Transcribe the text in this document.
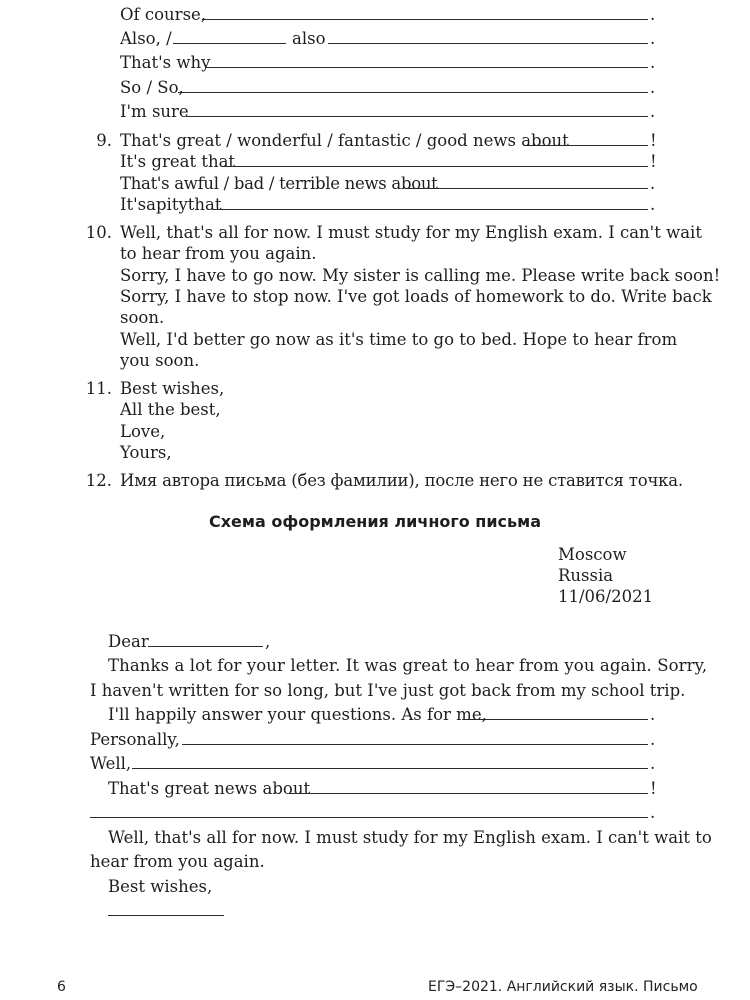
Of course,	.
Also, /	also	.
That's why	.
So / So,	.
I'm sure	.
9. That's great / wonderful / fantastic / good news about	!
It's great that	!
That's awful / bad / terrible news about	.
It'sapitythat	.
10. Well, that's all for now. I must study for my English exam. I can't wait
to hear from you again.
Sorry, I have to go now. My sister is calling me. Please write back soon!
Sorry, I have to stop now. I've got loads of homework to do. Write back
soon.
Well, I'd better go now as it's time to go to bed. Hope to hear from
you soon.
11. Best wishes,
All the best,
Love,
Yours,
12. Имя автора письма (без фамилии), после него не ставится точка.
Схема оформления личного письма
Moscow
Russia
11/06/2021
Dear	,
Thanks a lot for your letter. It was great to hear from you again. Sorry,
I haven't written for so long, but I've just got back from my school trip.
I'll happily answer your questions. As for me,	.
Personally,	.
Well,	.
That's great news about	!
.
Well, that's all for now. I must study for my English exam. I can't wait to
hear from you again.
Best wishes,
6	ЕГЭ–2021. Английский язык. Письмо
